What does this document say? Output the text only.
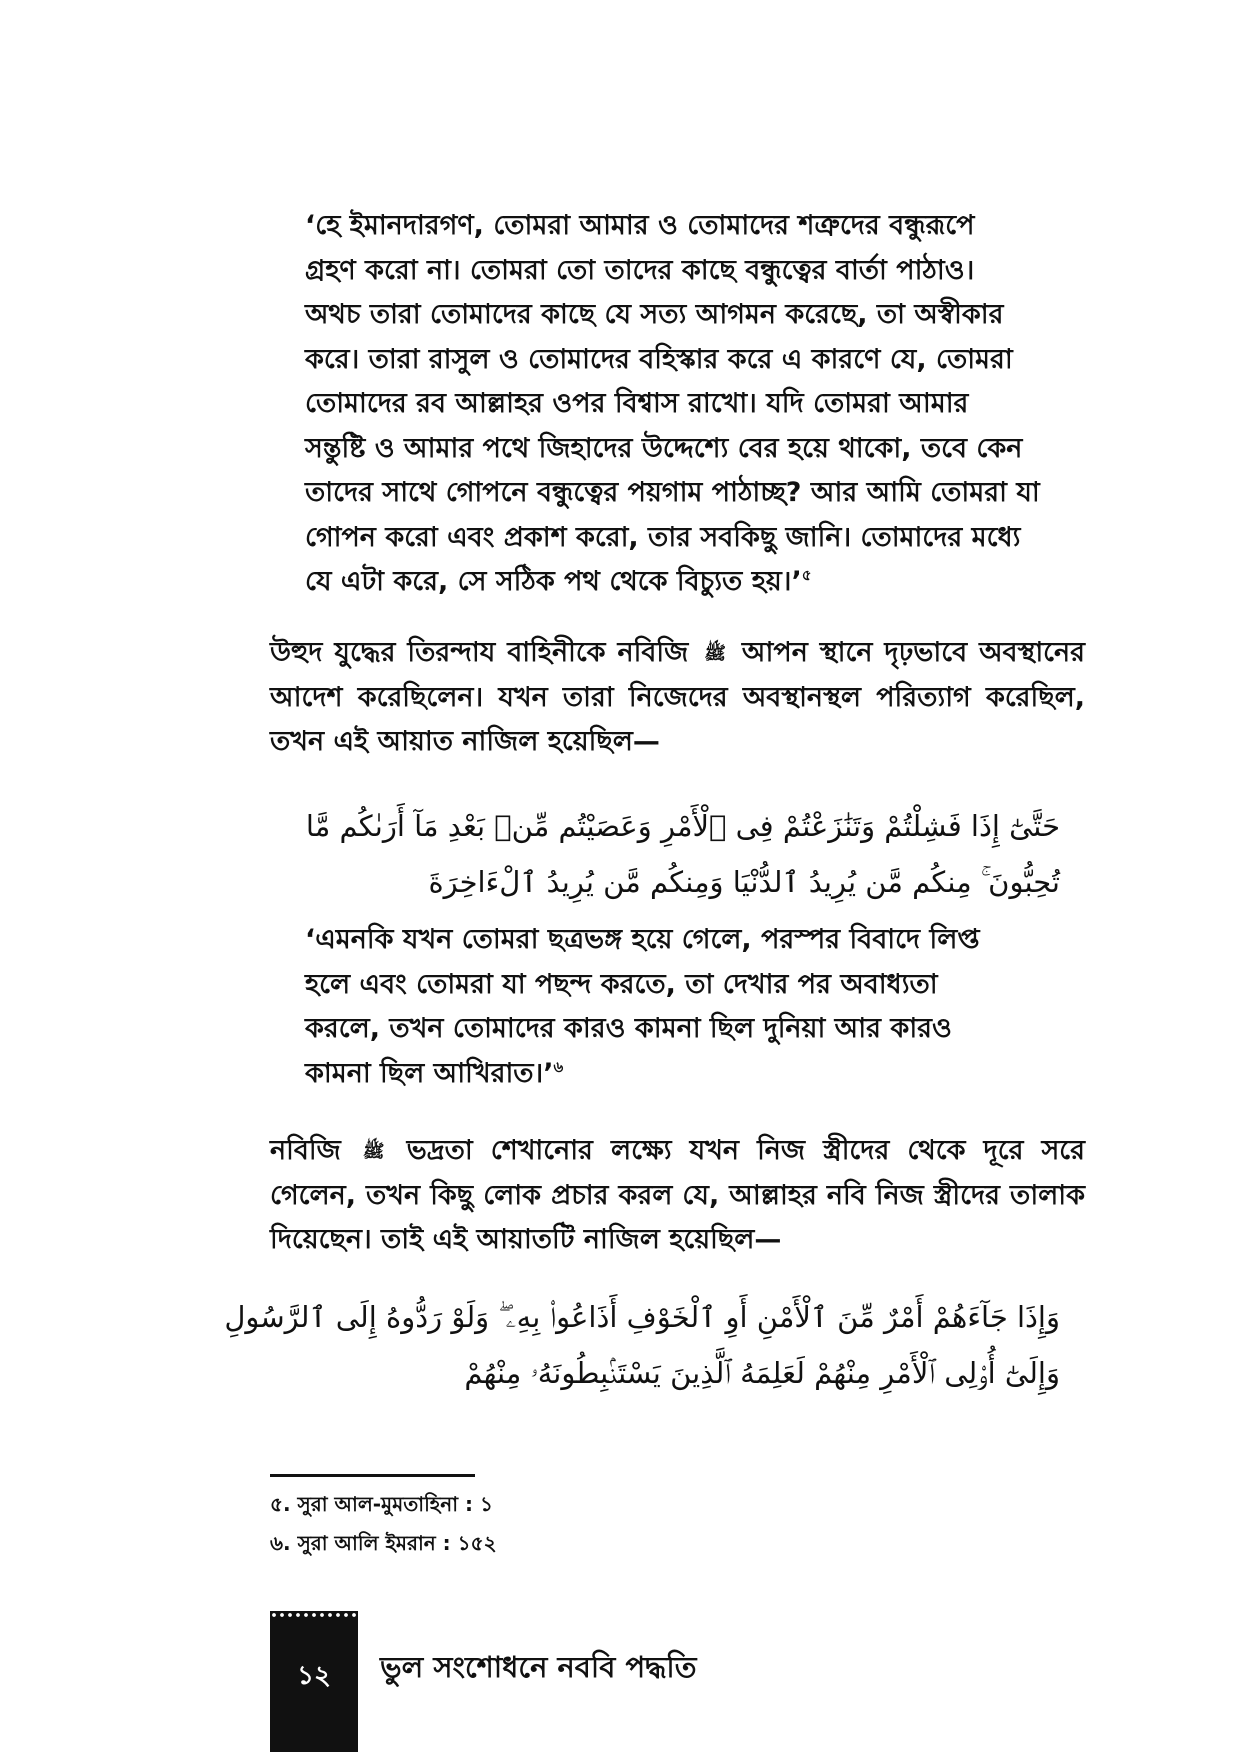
‘হে ইমানদারগণ, তোমরা আমার ও তোমাদের শত্রুদের বন্ধুরূপে
গ্রহণ করো না। তোমরা তো তাদের কাছে বন্ধুত্বের বার্তা পাঠাও।
অথচ তারা তোমাদের কাছে যে সত্য আগমন করেছে, তা অস্বীকার
করে। তারা রাসুল ও তোমাদের বহিস্কার করে এ কারণে যে, তোমরা
তোমাদের রব আল্লাহর ওপর বিশ্বাস রাখো। যদি তোমরা আমার
সন্তুষ্টি ও আমার পথে জিহাদের উদ্দেশ্যে বের হয়ে থাকো, তবে কেন
তাদের সাথে গোপনে বন্ধুত্বের পয়গাম পাঠাচ্ছ? আর আমি তোমরা যা
গোপন করো এবং প্রকাশ করো, তার সবকিছু জানি। তোমাদের মধ্যে
যে এটা করে, সে সঠিক পথ থেকে বিচ্যুত হয়।’$^৫$
উহুদ যুদ্ধের তিরন্দায বাহিনীকে নবিজি ﷺ আপন স্থানে দৃঢ়ভাবে অবস্থানের আদেশ করেছিলেন। যখন তারা নিজেদের অবস্থানস্থল পরিত্যাগ করেছিল, তখন এই আয়াত নাজিল হয়েছিল—
حَتَّىٰٓ إِذَا فَشِلْتُمْ وَتَنَٰزَعْتُمْ فِى ٱلْأَمْرِ وَعَصَيْتُم مِّنۢ بَعْدِ مَآ أَرَىٰكُم مَّا
تُحِبُّونَ ۚ مِنكُم مَّن يُرِيدُ ٱلدُّنْيَا وَمِنكُم مَّن يُرِيدُ ٱلْءَاخِرَةَ
‘এমনকি যখন তোমরা ছত্রভঙ্গ হয়ে গেলে, পরস্পর বিবাদে লিপ্ত
হলে এবং তোমরা যা পছন্দ করতে, তা দেখার পর অবাধ্যতা
করলে, তখন তোমাদের কারও কামনা ছিল দুনিয়া আর কারও
কামনা ছিল আখিরাত।’$^৬$
নবিজি ﷺ ভদ্রতা শেখানোর লক্ষ্যে যখন নিজ স্ত্রীদের থেকে দূরে সরে গেলেন, তখন কিছু লোক প্রচার করল যে, আল্লাহর নবি নিজ স্ত্রীদের তালাক দিয়েছেন। তাই এই আয়াতটি নাজিল হয়েছিল—
وَإِذَا جَآءَهُمْ أَمْرٌ مِّنَ ٱلْأَمْنِ أَوِ ٱلْخَوْفِ أَذَاعُوا۟ بِهِۦ ۖ وَلَوْ رَدُّوهُ إِلَى ٱلرَّسُولِ
وَإِلَىٰٓ أُو۟لِى ٱلْأَمْرِ مِنْهُمْ لَعَلِمَهُ ٱلَّذِينَ يَسْتَنۢبِطُونَهُۥ مِنْهُمْ
৫. সুরা আল-মুমতাহিনা : ১
৬. সুরা আলি ইমরান : ১৫২
১২	ভুল সংশোধনে নববি পদ্ধতি
